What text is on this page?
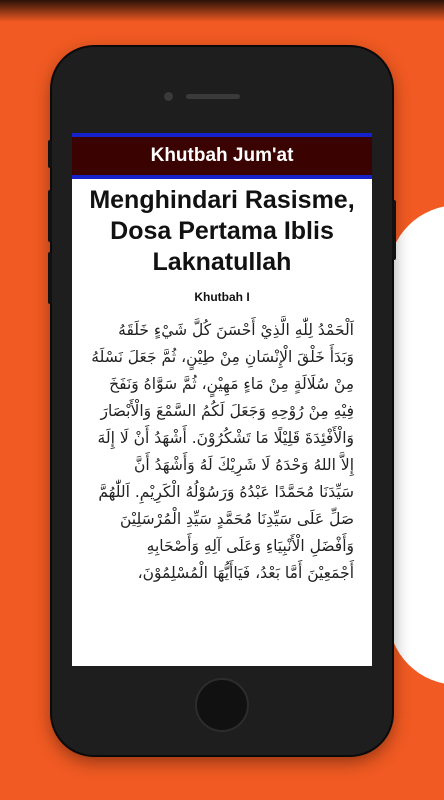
Khutbah Jum'at
Menghindari Rasisme, Dosa Pertama Iblis Laknatullah
Khutbah I
اَلْحَمْدُ لِلّٰهِ الَّذِيْ أَحْسَنَ كُلَّ شَيْءٍ خَلَقَهُ
وَبَدَأَ خَلْقَ الْإِنْسَانِ مِنْ طِيْنٍ، ثُمَّ جَعَلَ نَسْلَهُ
مِنْ سُلَالَةٍ مِنْ مَاءٍ مَهِيْنٍ، ثُمَّ سَوَّاهُ وَنَفَخَ
فِيْهِ مِنْ رُوْحِهِ وَجَعَلَ لَكُمُ السَّمْعَ وَالْأَبْصَارَ
وَالْأَفْئِدَةَ قَلِيْلًا مَا تَشْكُرُوْنَ. أَشْهَدُ أَنْ لَا إِلَهَ
إِلاَّ اللهُ وَحْدَهُ لَا شَرِيْكَ لَهُ وَأَشْهَدُ أَنَّ
سَيِّدَنَا مُحَمَّدًا عَبْدُهُ وَرَسُوْلُهُ الْكَرِيْمِ. اَللّٰهُمَّ
صَلِّ عَلَى سَيِّدِنَا مُحَمَّدٍ سَيِّدِ الْمُرْسَلِيْنَ
وَأَفْضَلِ الْأَنْبِيَاءِ وَعَلَى آلِهِ وَأَصْحَابِهِ
أَجْمَعِيْنَ أَمَّا بَعْدُ، فَيَاأَيُّهَا الْمُسْلِمُوْنَ،
